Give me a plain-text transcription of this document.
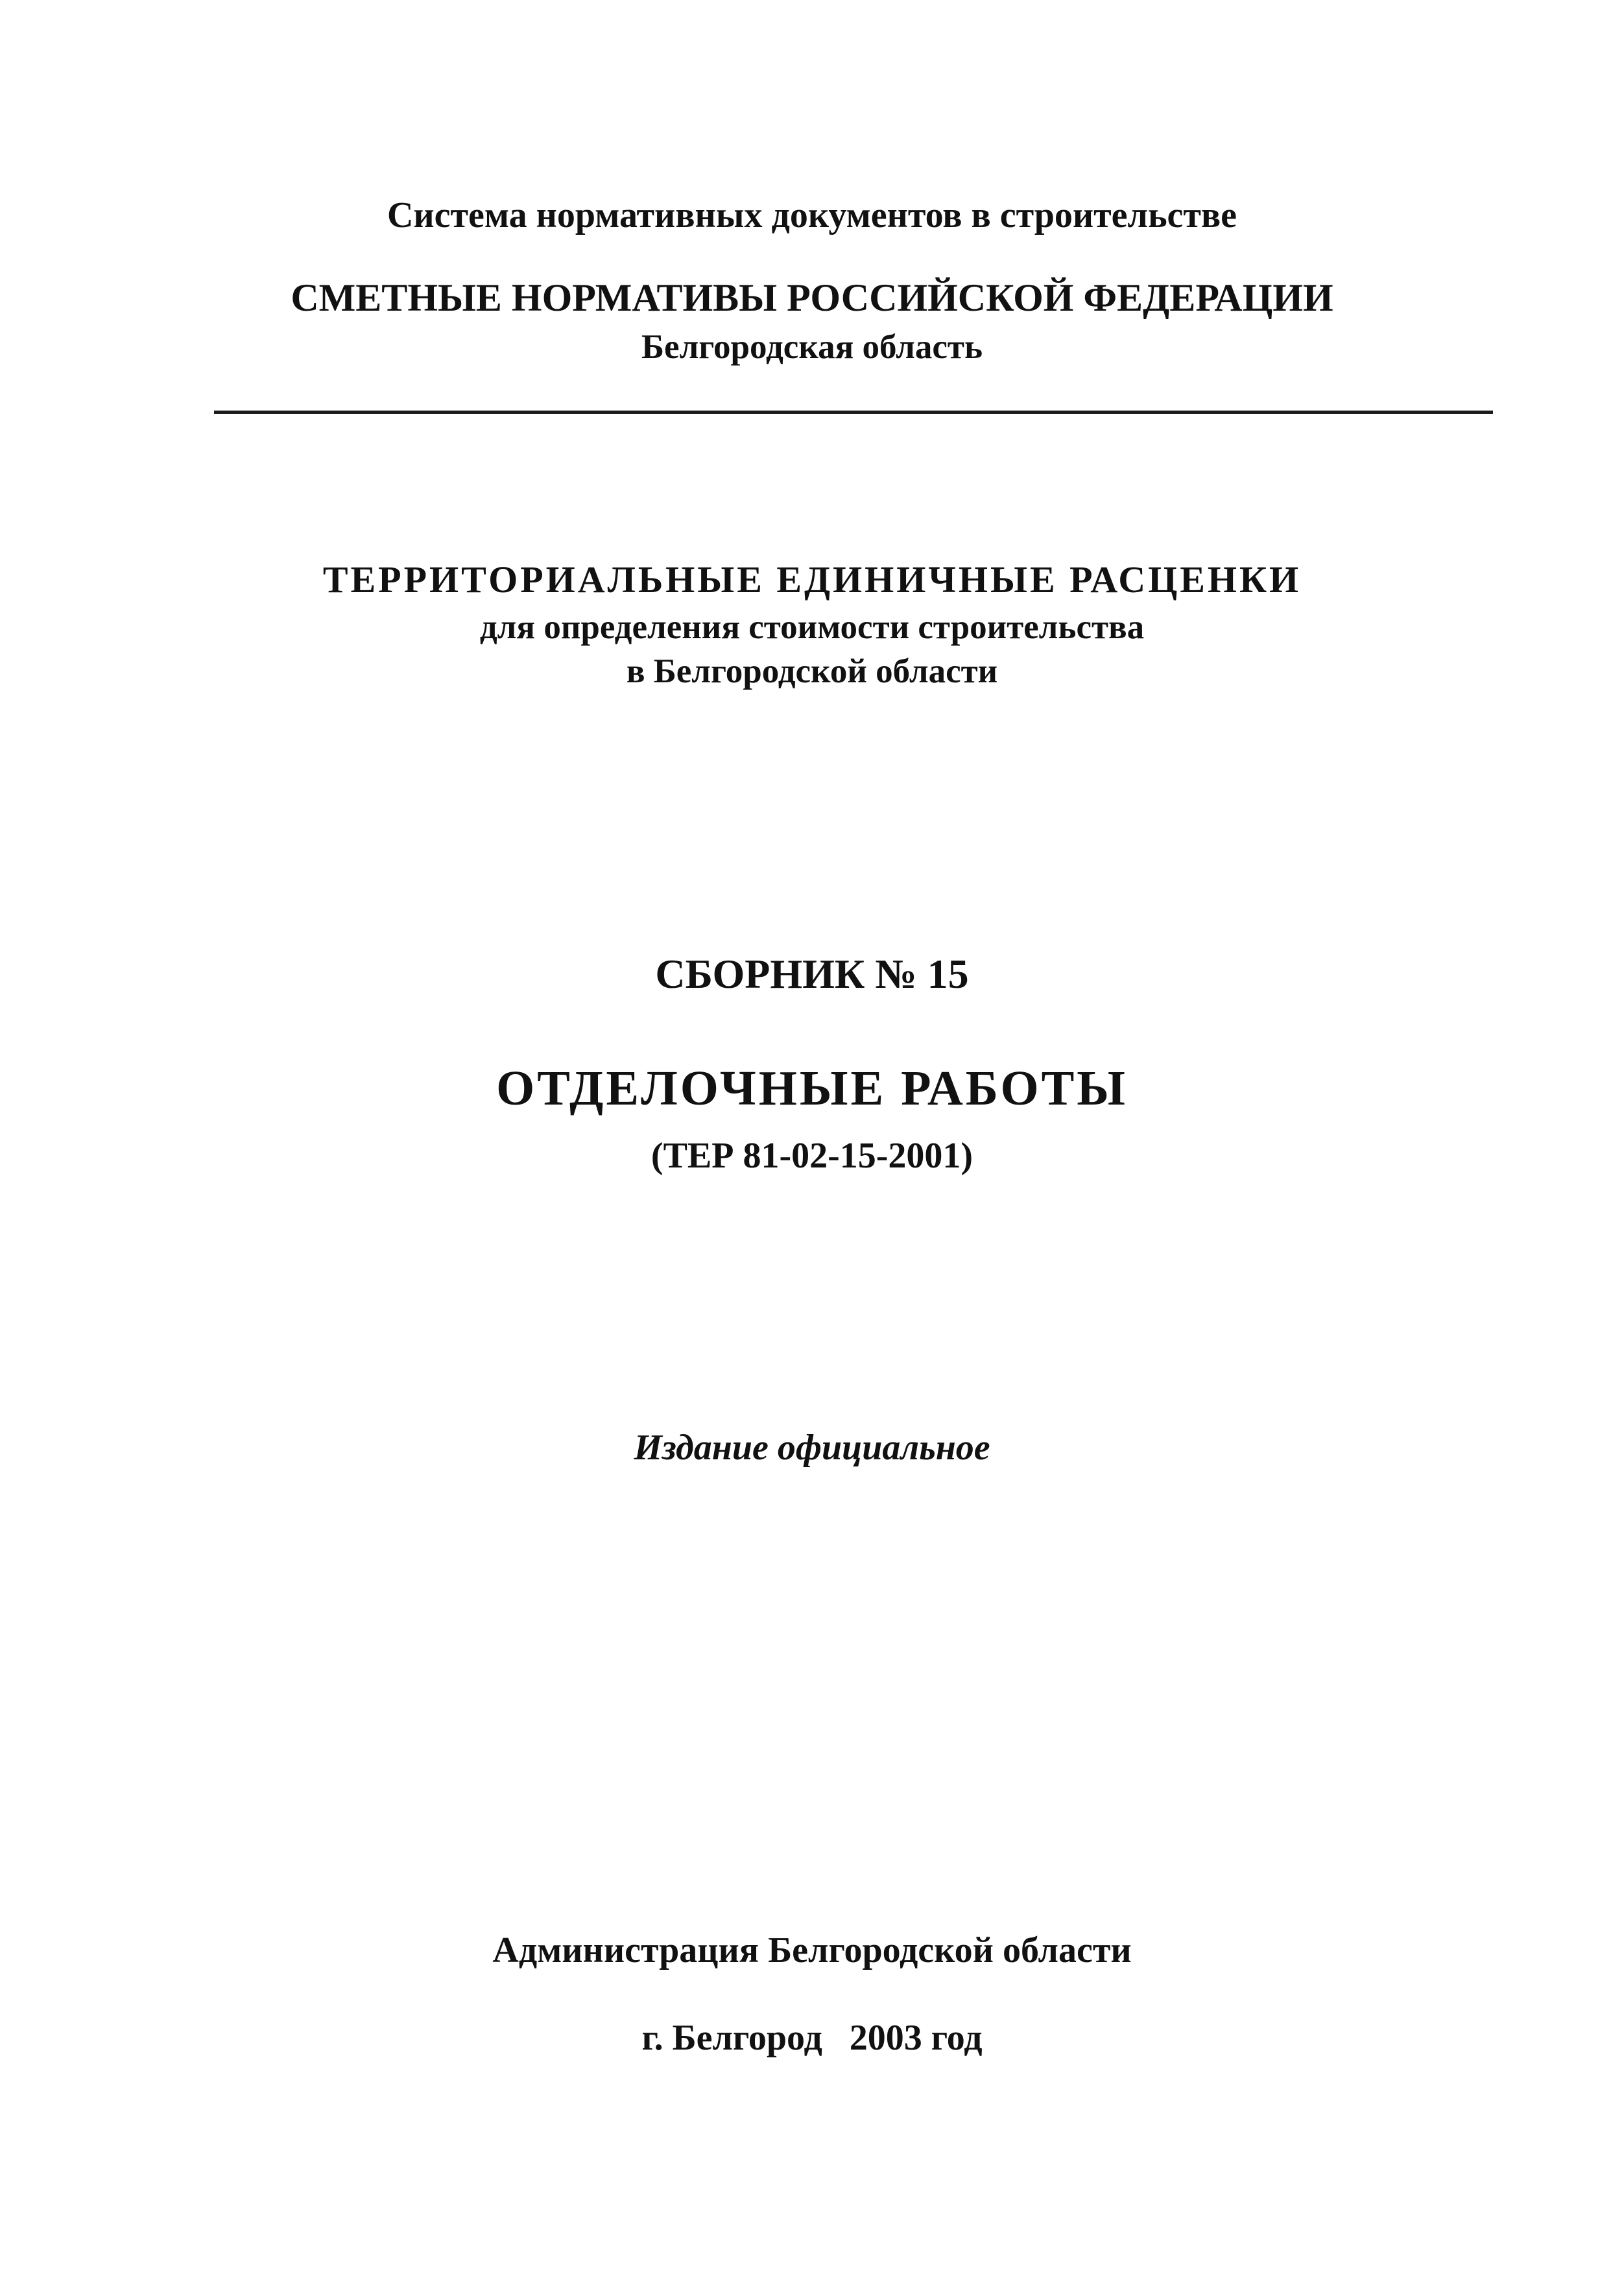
Система нормативных документов в строительстве
СМЕТНЫЕ НОРМАТИВЫ РОССИЙСКОЙ ФЕДЕРАЦИИ
Белгородская область
ТЕРРИТОРИАЛЬНЫЕ ЕДИНИЧНЫЕ РАСЦЕНКИ
для определения стоимости строительства
в Белгородской области
СБОРНИК № 15
ОТДЕЛОЧНЫЕ РАБОТЫ
(ТЕР 81-02-15-2001)
Издание официальное
Администрация Белгородской области
г. Белгород   2003 год
